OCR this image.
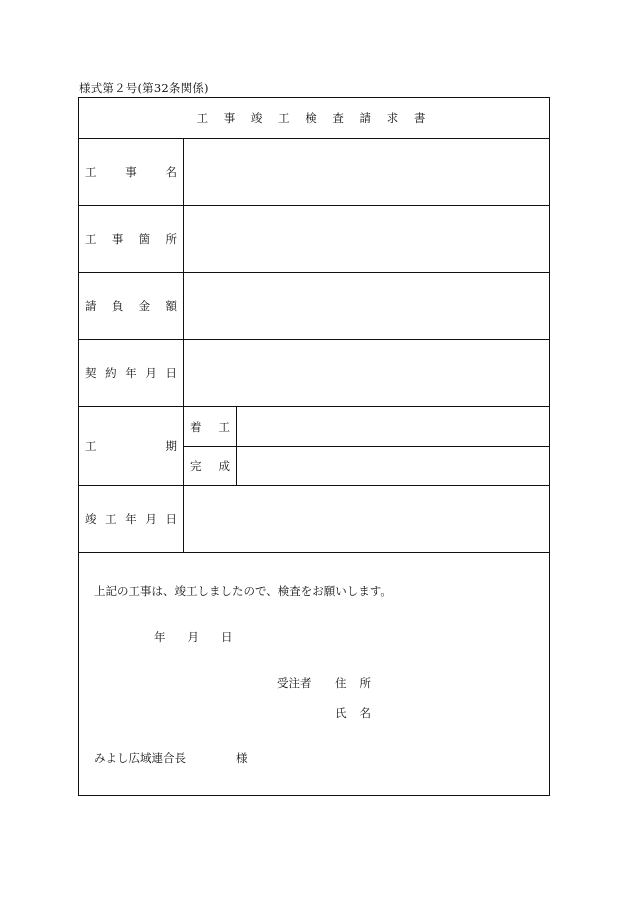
様式第２号(第32条関係)
工 事 竣 工 検 査 請 求 書
工事名
工事箇所
請負金額
契約年月日
工期
着工
完成
竣工年月日
上記の工事は、竣工しましたので、検査をお願いします。
年 月 日
受注者 住所
氏名
みよし広域連合長	様
